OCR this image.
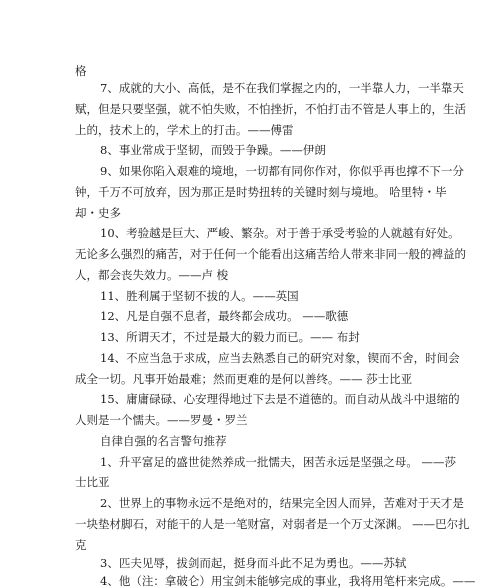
格
7、成就的大小、高低，是不在我们掌握之内的，一半靠人力，一半靠天
赋，但是只要坚强，就不怕失败，不怕挫折，不怕打击不管是人事上的，生活
上的，技术上的，学术上的打击。——傅雷
8、事业常成于坚韧，而毁于争躁。——伊朗
9、如果你陷入艰难的境地，一切都有同你作对，你似乎再也撑不下一分
钟，千万不可放弃，因为那正是时势扭转的关键时刻与境地。 哈里特・毕
却・史多
10、考验越是巨大、严峻、繁杂。对于善于承受考验的人就越有好处。
无论多么强烈的痛苦，对于任何一个能看出这痛苦给人带来非同一般的裨益的
人，都会丧失效力。——卢 梭
11、胜利属于坚韧不拔的人。——英国
12、凡是自强不息者，最终都会成功。 ——歌德
13、所谓天才，不过是最大的毅力而已。—— 布封
14、不应当急于求成，应当去熟悉自己的研究对象，锲而不舍，时间会
成全一切。凡事开始最难；然而更难的是何以善终。—— 莎士比亚
15、庸庸碌碌、心安理得地过下去是不道德的。而自动从战斗中退缩的
人则是一个懦夫。——罗曼・罗兰
自律自强的名言警句推荐
1、升平富足的盛世徒然养成一批懦夫，困苦永远是坚强之母。 ——莎
士比亚
2、世界上的事物永远不是绝对的，结果完全因人而异，苦难对于天才是
一块垫材脚石，对能干的人是一笔财富，对弱者是一个万丈深渊。 ——巴尔扎
克
3、匹夫见辱，拔剑而起，挺身而斗此不足为勇也。——苏轼
4、他（注：拿破仑）用宝剑未能够完成的事业，我将用笔杆来完成。——
